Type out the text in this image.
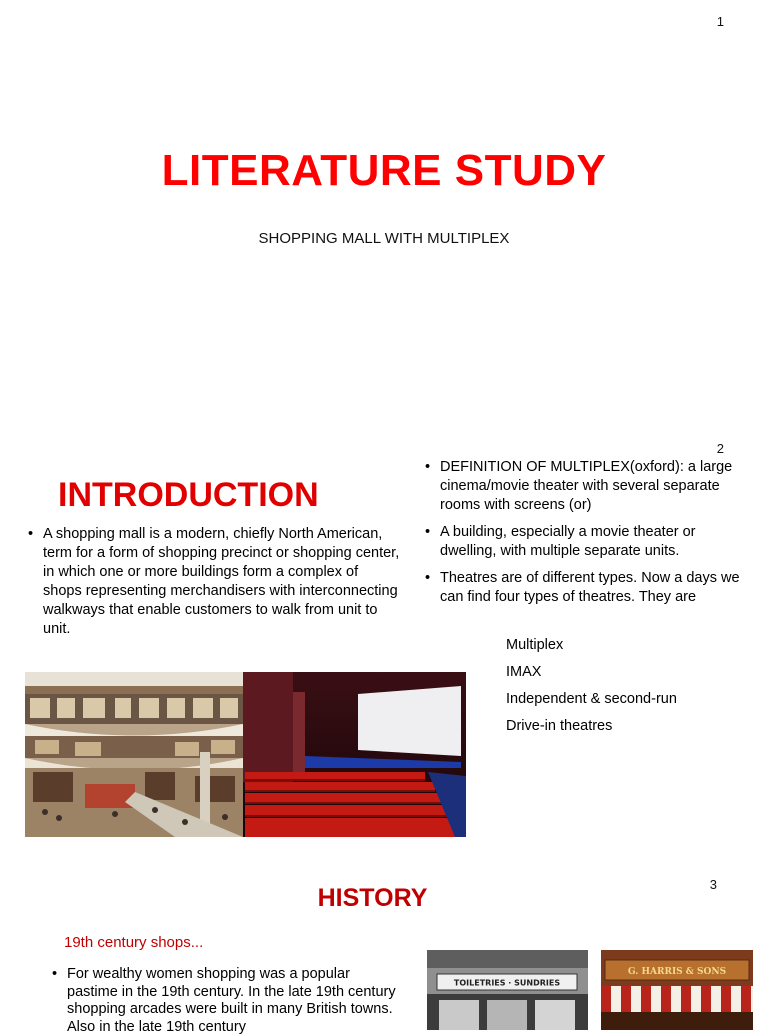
1
LITERATURE STUDY
SHOPPING MALL WITH MULTIPLEX
2
INTRODUCTION
• A shopping mall is a modern, chiefly North American, term for a form of shopping precinct or shopping center, in which one or more buildings form a complex of shops representing merchandisers with interconnecting walkways that enable customers to walk from unit to unit.
• DEFINITION OF MULTIPLEX(oxford): a large cinema/movie theater with several separate rooms with screens (or)
• A building, especially a movie theater or dwelling, with multiple separate units.
• Theatres are of different types. Now a days we can find four types of theatres. They are
Multiplex
IMAX
Independent & second-run
Drive-in theatres
3
HISTORY
19th century shops...
• For wealthy women shopping was a popular pastime in the 19th century. In the late 19th century shopping arcades were built in many British towns. Also in the late 19th century
TOILETRIES · SUNDRIES
G. HARRIS & SONS
